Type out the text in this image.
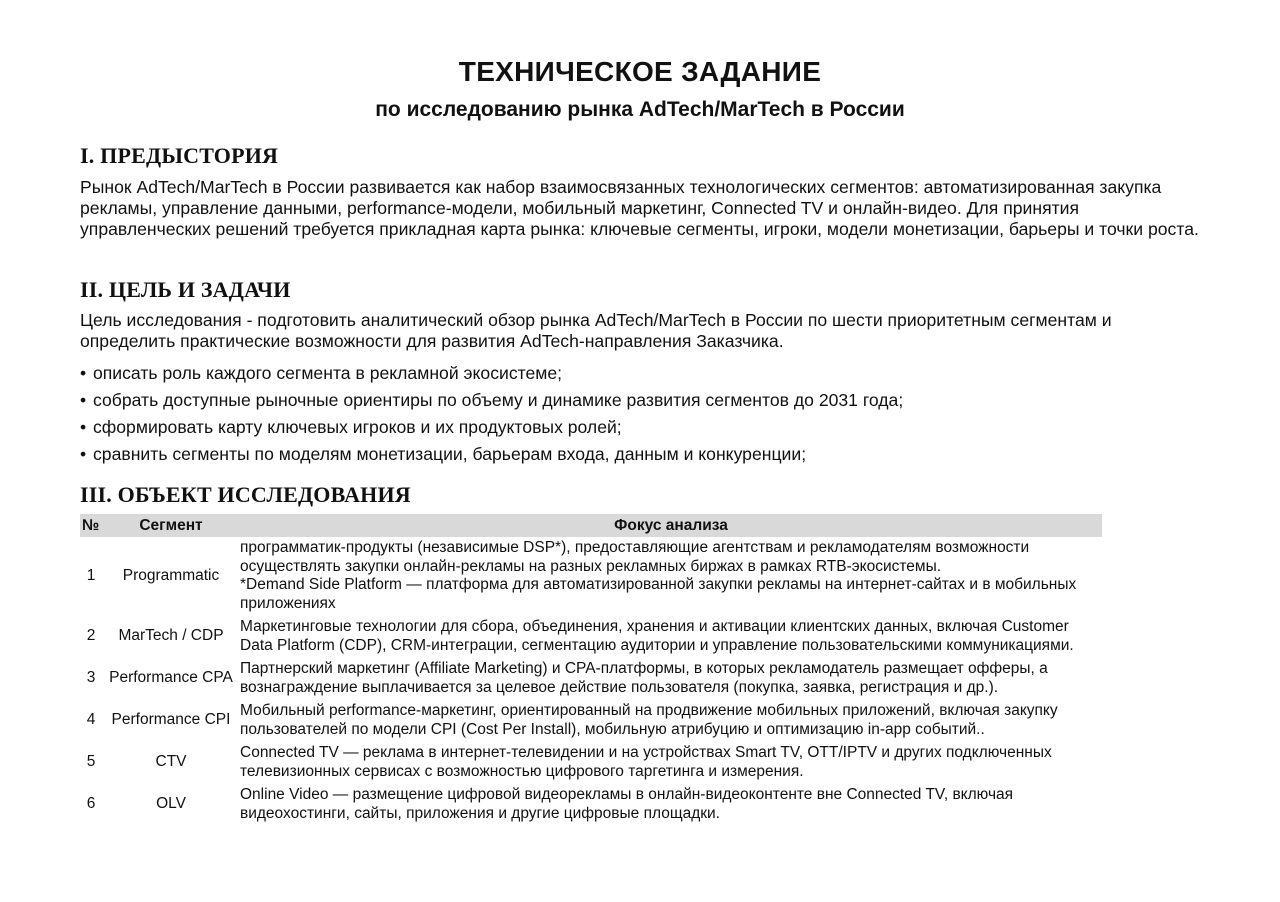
ТЕХНИЧЕСКОЕ ЗАДАНИЕ
по исследованию рынка AdTech/MarTech в России
I. ПРЕДЫСТОРИЯ
Рынок AdTech/MarTech в России развивается как набор взаимосвязанных технологических сегментов: автоматизированная закупка рекламы, управление данными, performance-модели, мобильный маркетинг, Connected TV и онлайн-видео. Для принятия управленческих решений требуется прикладная карта рынка: ключевые сегменты, игроки, модели монетизации, барьеры и точки роста.
II. ЦЕЛЬ И ЗАДАЧИ
Цель исследования - подготовить аналитический обзор рынка AdTech/MarTech в России по шести приоритетным сегментам и определить практические возможности для развития AdTech-направления Заказчика.
• описать роль каждого сегмента в рекламной экосистеме;
• собрать доступные рыночные ориентиры по объему и динамике развития сегментов до 2031 года;
• сформировать карту ключевых игроков и их продуктовых ролей;
• сравнить сегменты по моделям монетизации, барьерам входа, данным и конкуренции;
III. ОБЪЕКТ ИССЛЕДОВАНИЯ
№	Сегмент	Фокус анализа
1	Programmatic	программатик-продукты (независимые DSP*), предоставляющие агентствам и рекламодателям возможности осуществлять закупки онлайн-рекламы на разных рекламных биржах в рамках RTB-экосистемы.
*Demand Side Platform — платформа для автоматизированной закупки рекламы на интернет-сайтах и в мобильных приложениях

2	MarTech / CDP	Маркетинговые технологии для сбора, объединения, хранения и активации клиентских данных, включая Customer Data Platform (CDP), CRM-интеграции, сегментацию аудитории и управление пользовательскими коммуникациями.
3	Performance CPA	Партнерский маркетинг (Affiliate Marketing) и CPA-платформы, в которых рекламодатель размещает офферы, а вознаграждение выплачивается за целевое действие пользователя (покупка, заявка, регистрация и др.).
4	Performance CPI	Мобильный performance-маркетинг, ориентированный на продвижение мобильных приложений, включая закупку пользователей по модели CPI (Cost Per Install), мобильную атрибуцию и оптимизацию in-app событий..
5	CTV	Connected TV — реклама в интернет-телевидении и на устройствах Smart TV, OTT/IPTV и других подключенных телевизионных сервисах с возможностью цифрового таргетинга и измерения.
6	OLV	Online Video — размещение цифровой видеорекламы в онлайн-видеоконтенте вне Connected TV, включая видеохостинги, сайты, приложения и другие цифровые площадки.
